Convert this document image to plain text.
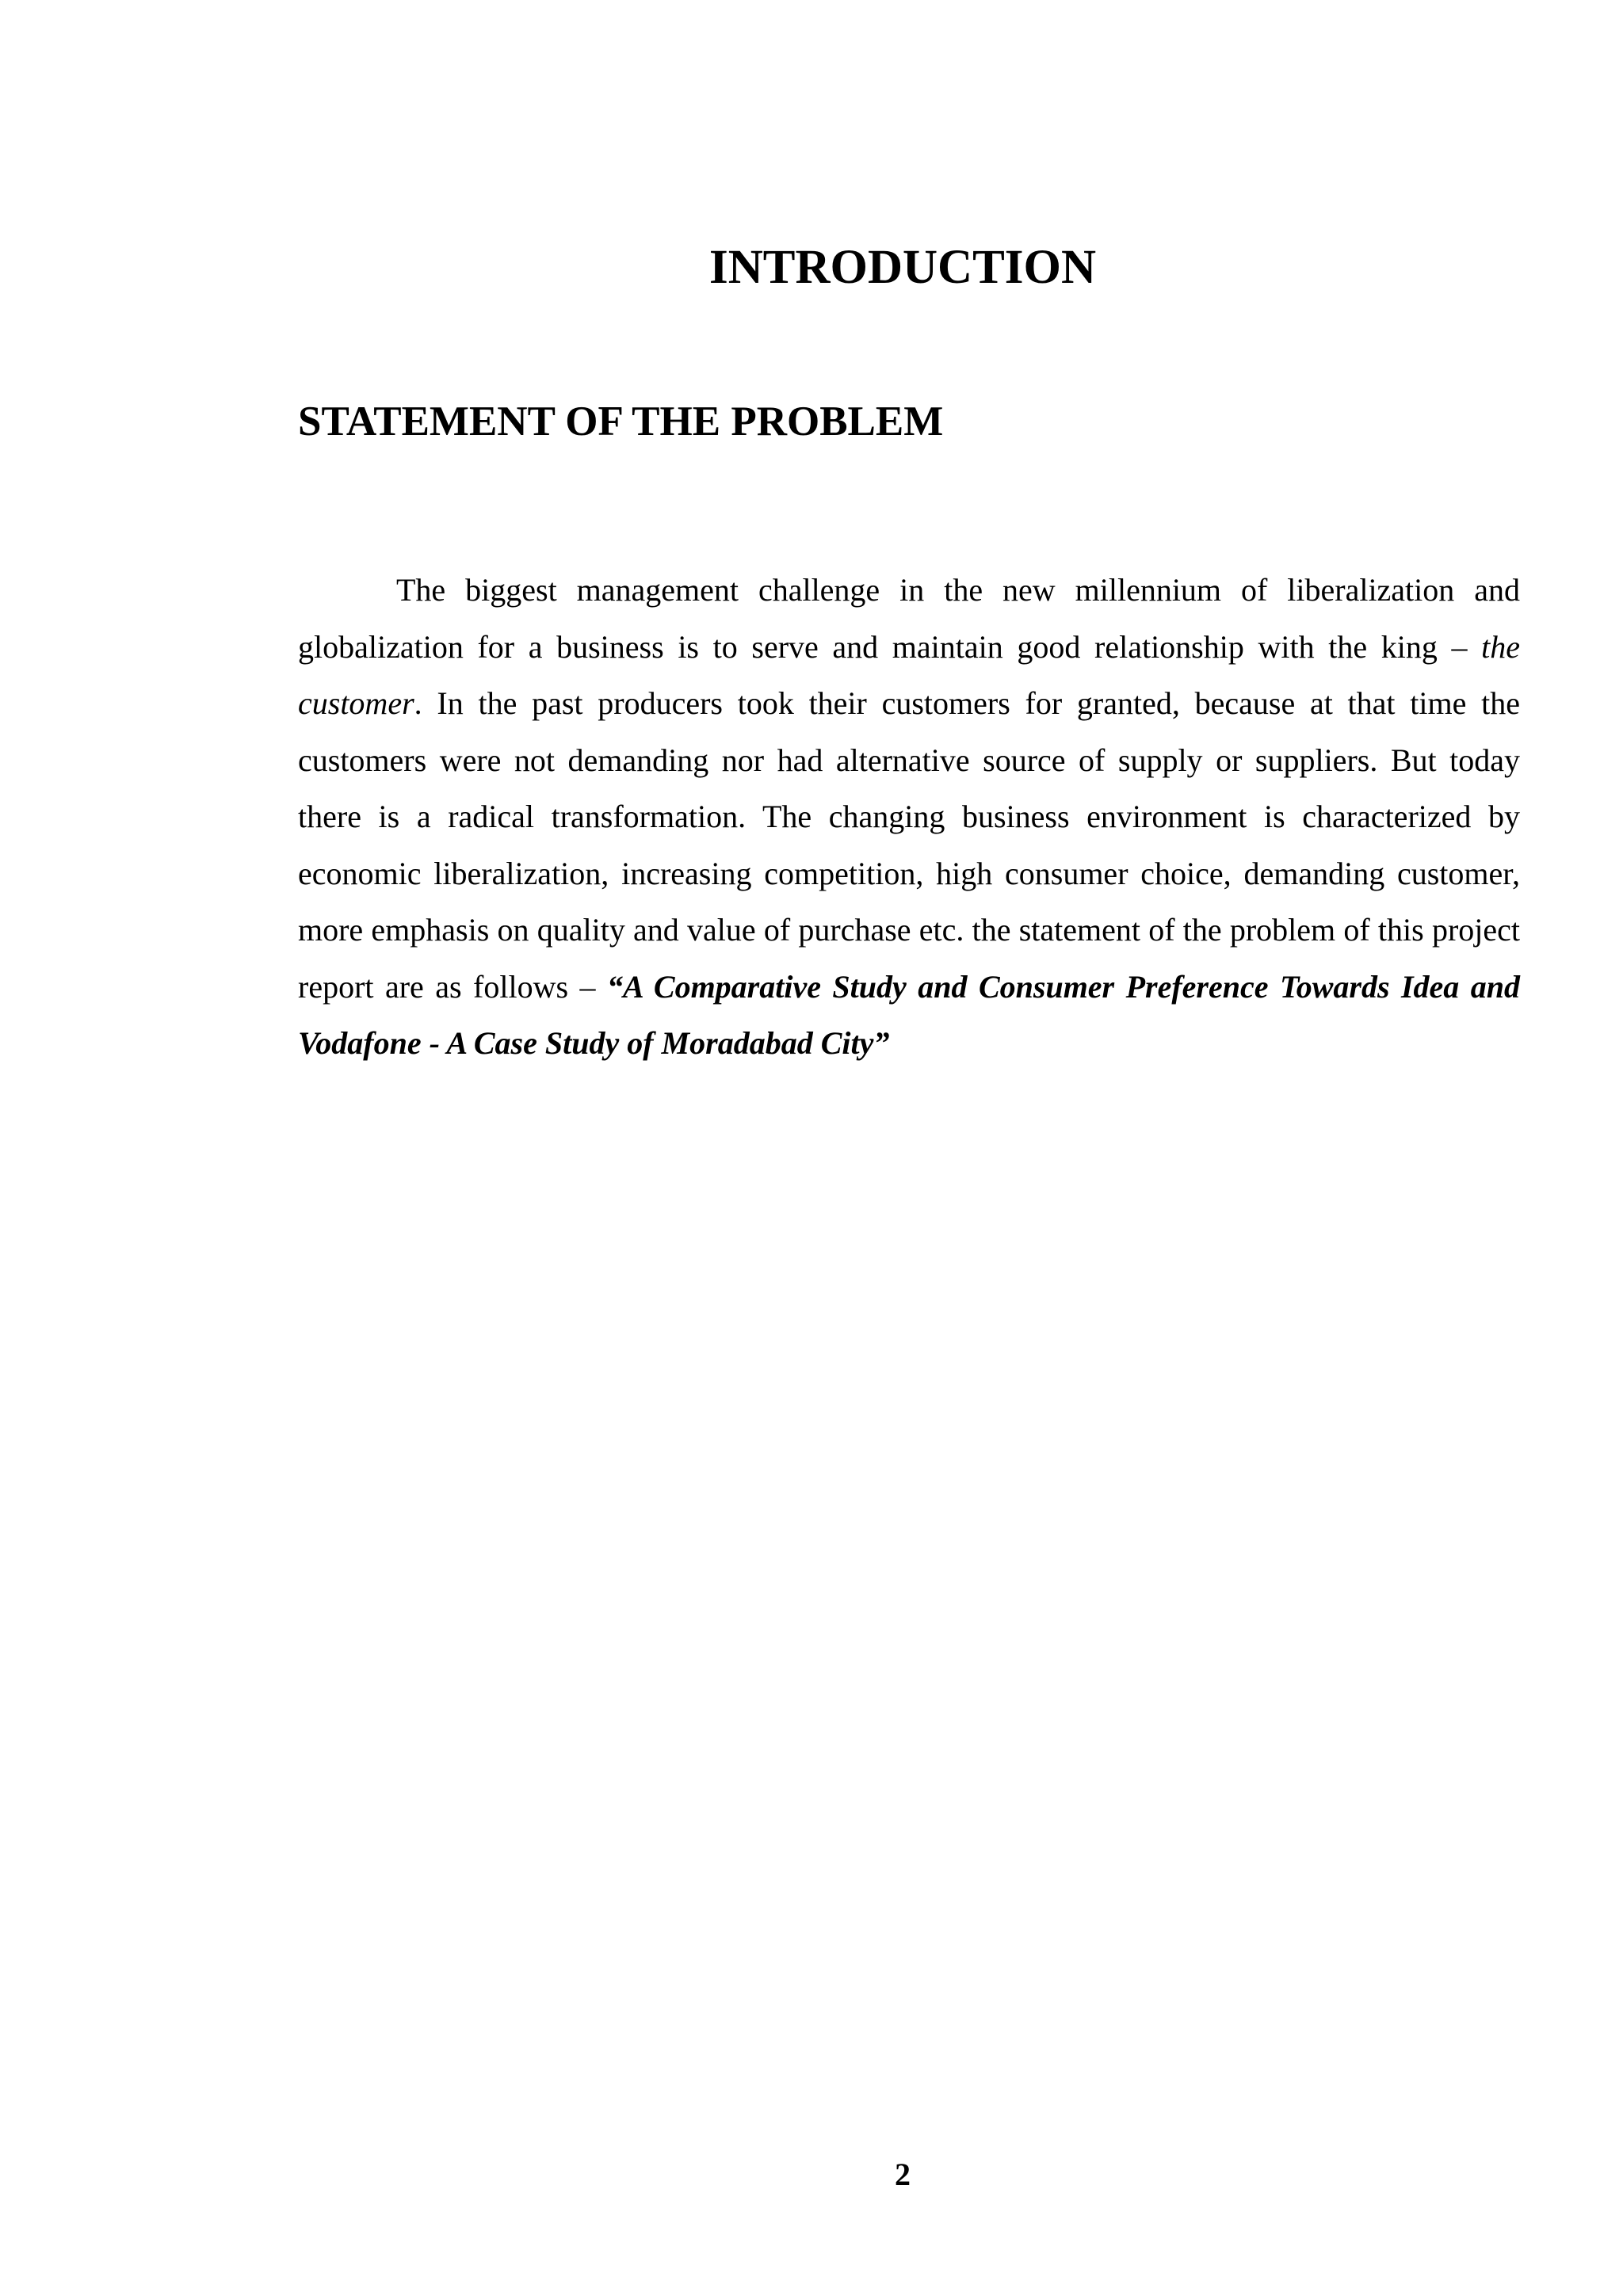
INTRODUCTION
STATEMENT OF THE PROBLEM

The biggest management challenge in the new millennium of liberalization and globalization for a business is to serve and maintain good relationship with the king – the customer. In the past producers took their customers for granted, because at that time the customers were not demanding nor had alternative source of supply or suppliers. But today there is a radical transformation. The changing business environment is characterized by economic liberalization, increasing competition, high consumer choice, demanding customer, more emphasis on quality and value of purchase etc. the statement of the problem of this project report are as follows – “A Comparative Study and Consumer Preference Towards Idea and Vodafone - A Case Study of Moradabad City”

2
